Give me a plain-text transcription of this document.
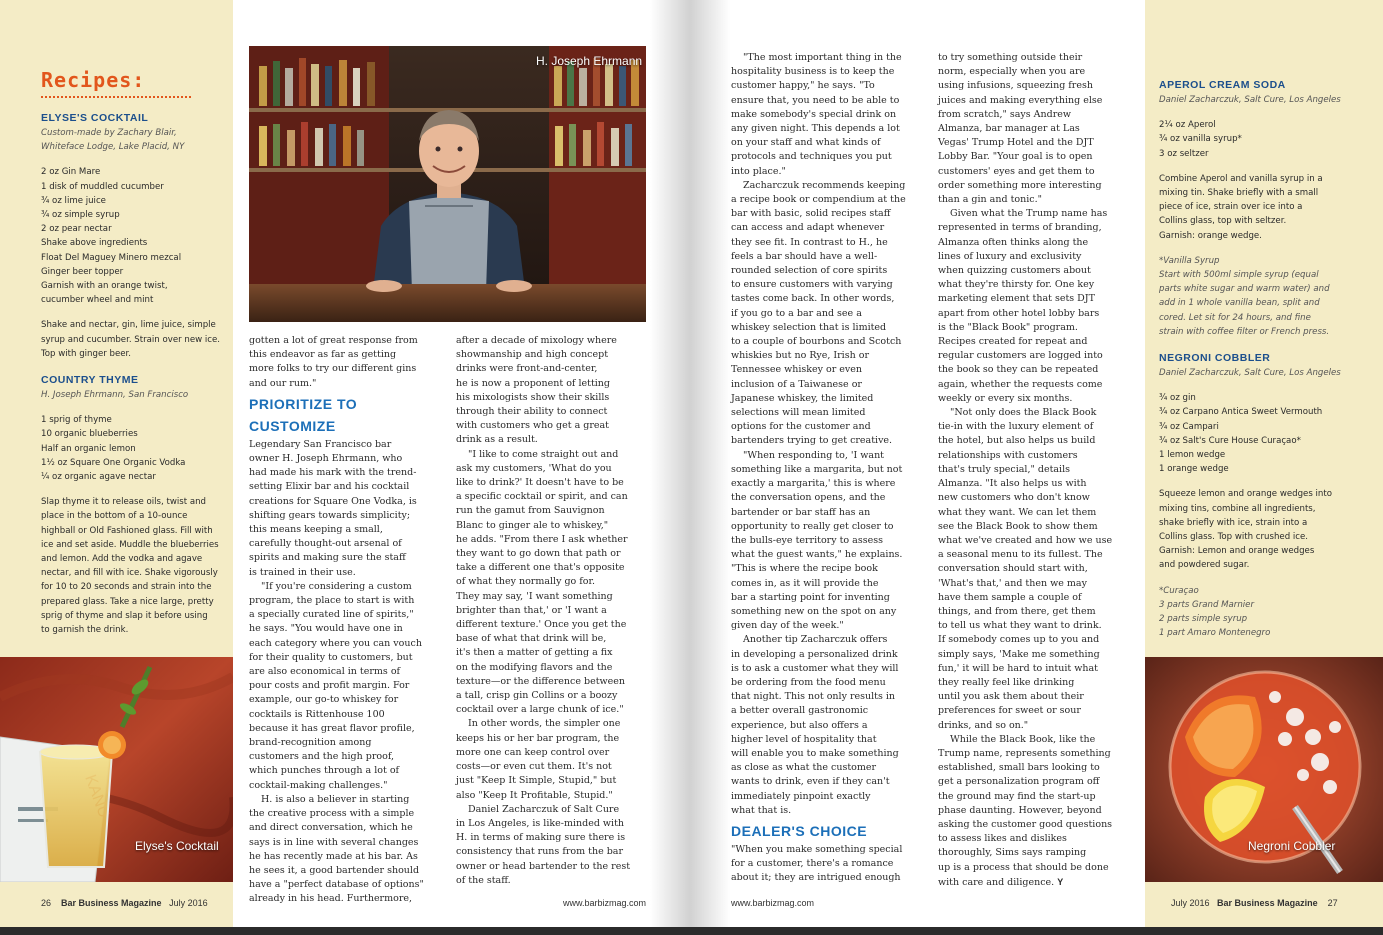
Recipes:
ELYSE'S COCKTAIL
Custom-made by Zachary Blair,
Whiteface Lodge, Lake Placid, NY
2 oz Gin Mare
1 disk of muddled cucumber
¾ oz lime juice
¾ oz simple syrup
2 oz pear nectar
Shake above ingredients
Float Del Maguey Minero mezcal
Ginger beer topper
Garnish with an orange twist,
cucumber wheel and mint
Shake and nectar, gin, lime juice, simple
syrup and cucumber. Strain over new ice.
Top with ginger beer.
COUNTRY THYME
H. Joseph Ehrmann, San Francisco
1 sprig of thyme
10 organic blueberries
Half an organic lemon
1½ oz Square One Organic Vodka
¼ oz organic agave nectar
Slap thyme it to release oils, twist and
place in the bottom of a 10-ounce
highball or Old Fashioned glass. Fill with
ice and set aside. Muddle the blueberries
and lemon. Add the vodka and agave
nectar, and fill with ice. Shake vigorously
for 10 to 20 seconds and strain into the
prepared glass. Take a nice large, pretty
sprig of thyme and slap it before using
to garnish the drink.
Elyse's Cocktail
H. Joseph Ehrmann

gotten a lot of great response from
this endeavor as far as getting
more folks to try our different gins
and our rum."

PRIORITIZE TO CUSTOMIZE

Legendary San Francisco bar
owner H. Joseph Ehrmann, who
had made his mark with the trend-
setting Elixir bar and his cocktail
creations for Square One Vodka, is
shifting gears towards simplicity;
this means keeping a small,
carefully thought-out arsenal of
spirits and making sure the staff
is trained in their use.

"If you're considering a custom
program, the place to start is with
a specially curated line of spirits,"
he says. "You would have one in
each category where you can vouch
for their quality to customers, but
are also economical in terms of
pour costs and profit margin. For
example, our go-to whiskey for
cocktails is Rittenhouse 100
because it has great flavor profile,
brand-recognition among
customers and the high proof,
which punches through a lot of
cocktail-making challenges."

H. is also a believer in starting
the creative process with a simple
and direct conversation, which he
says is in line with several changes
he has recently made at his bar. As
he sees it, a good bartender should
have a "perfect database of options"
already in his head. Furthermore,

after a decade of mixology where
showmanship and high concept
drinks were front-and-center,
he is now a proponent of letting
his mixologists show their skills
through their ability to connect
with customers who get a great
drink as a result.

"I like to come straight out and
ask my customers, 'What do you
like to drink?' It doesn't have to be
a specific cocktail or spirit, and can
run the gamut from Sauvignon
Blanc to ginger ale to whiskey,"
he adds. "From there I ask whether
they want to go down that path or
take a different one that's opposite
of what they normally go for.
They may say, 'I want something
brighter than that,' or 'I want a
different texture.' Once you get the
base of what that drink will be,
it's then a matter of getting a fix
on the modifying flavors and the
texture—or the difference between
a tall, crisp gin Collins or a boozy
cocktail over a large chunk of ice."

In other words, the simpler one
keeps his or her bar program, the
more one can keep control over
costs—or even cut them. It's not
just "Keep It Simple, Stupid," but
also "Keep It Profitable, Stupid."

Daniel Zacharczuk of Salt Cure
in Los Angeles, is like-minded with
H. in terms of making sure there is
consistency that runs from the bar
owner or head bartender to the rest
of the staff.

26 Bar Business Magazine July 2016	www.barbizmag.com

"The most important thing in the
hospitality business is to keep the
customer happy," he says. "To
ensure that, you need to be able to
make somebody's special drink on
any given night. This depends a lot
on your staff and what kinds of
protocols and techniques you put
into place."

Zacharczuk recommends keeping
a recipe book or compendium at the
bar with basic, solid recipes staff
can access and adapt whenever
they see fit. In contrast to H., he
feels a bar should have a well-
rounded selection of core spirits
to ensure customers with varying
tastes come back. In other words,
if you go to a bar and see a
whiskey selection that is limited
to a couple of bourbons and Scotch
whiskies but no Rye, Irish or
Tennessee whiskey or even
inclusion of a Taiwanese or
Japanese whiskey, the limited
selections will mean limited
options for the customer and
bartenders trying to get creative.

"When responding to, 'I want
something like a margarita, but not
exactly a margarita,' this is where
the conversation opens, and the
bartender or bar staff has an
opportunity to really get closer to
the bulls-eye territory to assess
what the guest wants," he explains.
"This is where the recipe book
comes in, as it will provide the
bar a starting point for inventing
something new on the spot on any
given day of the week."

Another tip Zacharczuk offers
in developing a personalized drink
is to ask a customer what they will
be ordering from the food menu
that night. This not only results in
a better overall gastronomic
experience, but also offers a
higher level of hospitality that
will enable you to make something
as close as what the customer
wants to drink, even if they can't
immediately pinpoint exactly
what that is.

DEALER'S CHOICE

"When you make something special
for a customer, there's a romance
about it; they are intrigued enough

to try something outside their
norm, especially when you are
using infusions, squeezing fresh
juices and making everything else
from scratch," says Andrew
Almanza, bar manager at Las
Vegas' Trump Hotel and the DJT
Lobby Bar. "Your goal is to open
customers' eyes and get them to
order something more interesting
than a gin and tonic."

Given what the Trump name has
represented in terms of branding,
Almanza often thinks along the
lines of luxury and exclusivity
when quizzing customers about
what they're thirsty for. One key
marketing element that sets DJT
apart from other hotel lobby bars
is the "Black Book" program.
Recipes created for repeat and
regular customers are logged into
the book so they can be repeated
again, whether the requests come
weekly or every six months.

"Not only does the Black Book
tie-in with the luxury element of
the hotel, but also helps us build
relationships with customers
that's truly special," details
Almanza. "It also helps us with
new customers who don't know
what they want. We can let them
see the Black Book to show them
what we've created and how we use
a seasonal menu to its fullest. The
conversation should start with,
'What's that,' and then we may
have them sample a couple of
things, and from there, get them
to tell us what they want to drink.
If somebody comes up to you and
simply says, 'Make me something
fun,' it will be hard to intuit what
they really feel like drinking
until you ask them about their
preferences for sweet or sour
drinks, and so on."

While the Black Book, like the
Trump name, represents something
established, small bars looking to
get a personalization program off
the ground may find the start-up
phase daunting. However, beyond
asking the customer good questions
to assess likes and dislikes
thoroughly, Sims says ramping
up is a process that should be done
with care and diligence. Y

APEROL CREAM SODA
Daniel Zacharczuk, Salt Cure, Los Angeles
2¼ oz Aperol
¾ oz vanilla syrup*
3 oz seltzer
Combine Aperol and vanilla syrup in a
mixing tin. Shake briefly with a small
piece of ice, strain over ice into a
Collins glass, top with seltzer.
Garnish: orange wedge.
*Vanilla Syrup
Start with 500ml simple syrup (equal
parts white sugar and warm water) and
add in 1 whole vanilla bean, split and
cored. Let sit for 24 hours, and fine
strain with coffee filter or French press.
NEGRONI COBBLER
Daniel Zacharczuk, Salt Cure, Los Angeles
¾ oz gin
¾ oz Carpano Antica Sweet Vermouth
¾ oz Campari
¾ oz Salt's Cure House Curaçao*
1 lemon wedge
1 orange wedge
Squeeze lemon and orange wedges into
mixing tins, combine all ingredients,
shake briefly with ice, strain into a
Collins glass. Top with crushed ice.
Garnish: Lemon and orange wedges
and powdered sugar.
*Curaçao
3 parts Grand Marnier
2 parts simple syrup
1 part Amaro Montenegro
Negroni Cobbler
www.barbizmag.com	July 2016 Bar Business Magazine 27
